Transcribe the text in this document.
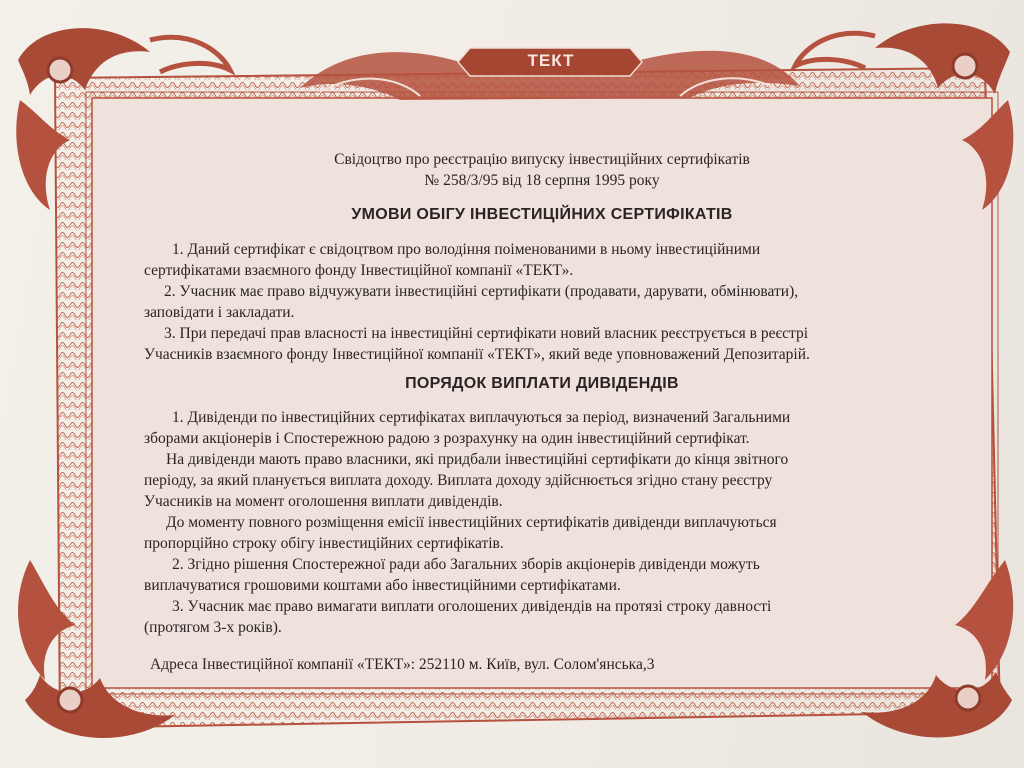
ТЕКТ
Свідоцтво про реєстрацію випуску інвестиційних сертифікатів
№ 258/3/95 від 18 серпня 1995 року
УМОВИ ОБІГУ ІНВЕСТИЦІЙНИХ СЕРТИФІКАТІВ
1. Даний сертифікат є свідоцтвом про володіння поіменованими в ньому інвестиційними
сертифікатами взаємного фонду Інвестиційної компанії «ТЕКТ».
2. Учасник має право відчужувати інвестиційні сертифікати (продавати, дарувати, обмінювати),
заповідати і закладати.
3. При передачі прав власності на інвестиційні сертифікати новий власник реєструється в реєстрі
Учасників взаємного фонду Інвестиційної компанії «ТЕКТ», який веде уповноважений Депозитарій.
ПОРЯДОК ВИПЛАТИ ДИВІДЕНДІВ
1. Дивіденди по інвестиційних сертифікатах виплачуються за період, визначений Загальними
зборами акціонерів і Спостережною радою з розрахунку на один інвестиційний сертифікат.
На дивіденди мають право власники, які придбали інвестиційні сертифікати до кінця звітного
періоду, за який планується виплата доходу. Виплата доходу здійснюється згідно стану реєстру
Учасників на момент оголошення виплати дивідендів.
До моменту повного розміщення емісії інвестиційних сертифікатів дивіденди виплачуються
пропорційно строку обігу інвестиційних сертифікатів.
2. Згідно рішення Спостережної ради або Загальних зборів акціонерів дивіденди можуть
виплачуватися грошовими коштами або інвестиційними сертифікатами.
3. Учасник має право вимагати виплати оголошених дивідендів на протязі строку давності
(протягом 3-х років).
Адреса Інвестиційної компанії «ТЕКТ»: 252110 м. Київ, вул. Солом'янська,3
